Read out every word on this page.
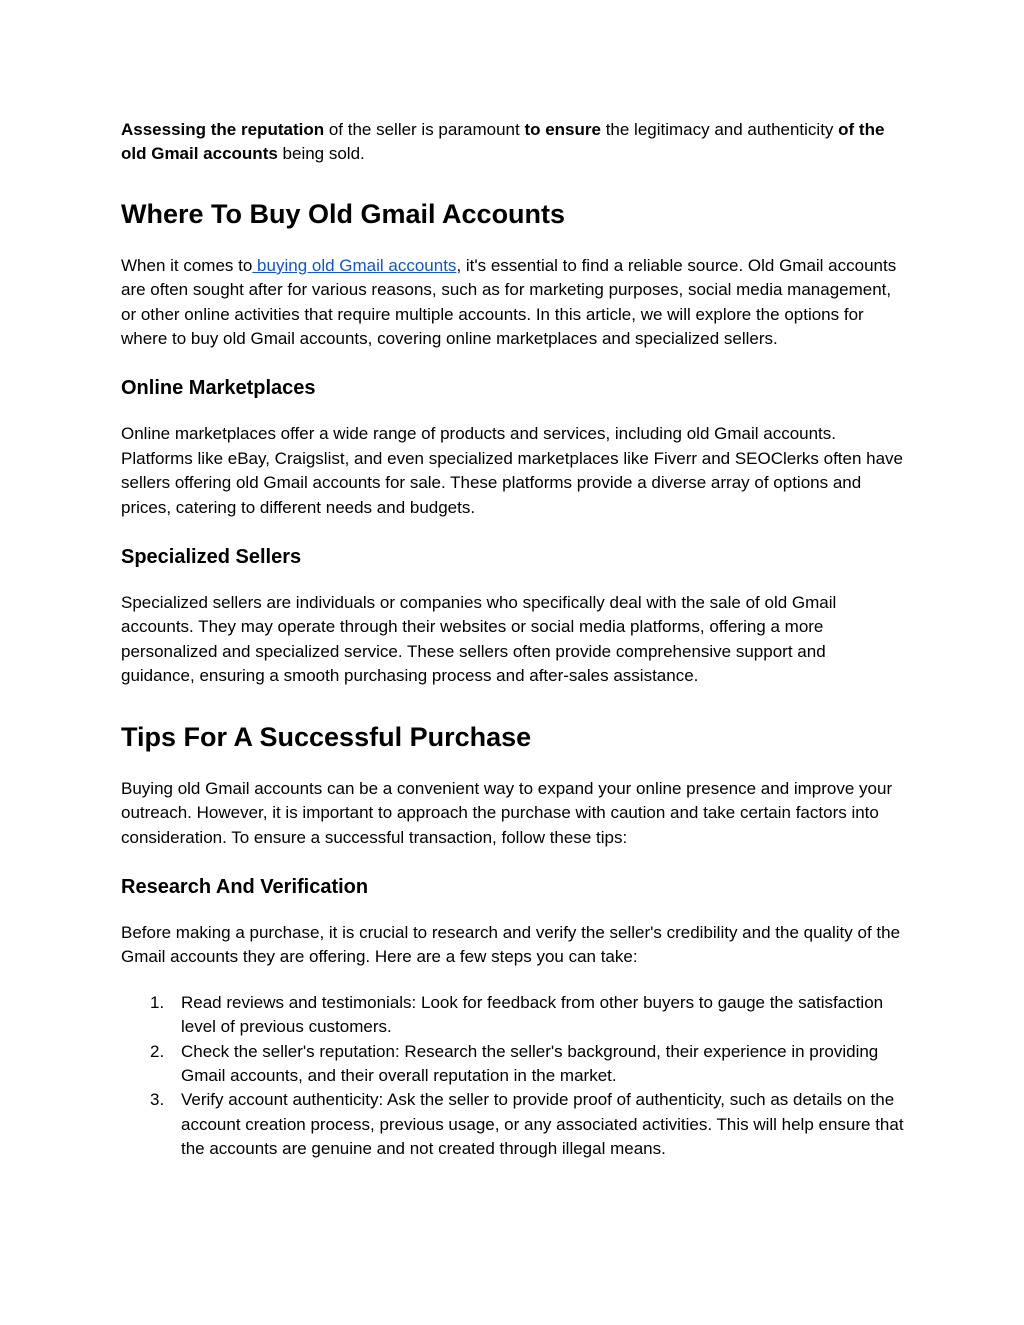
Assessing the reputation of the seller is paramount to ensure the legitimacy and authenticity of the old Gmail accounts being sold.

Where To Buy Old Gmail Accounts

When it comes to buying old Gmail accounts, it's essential to find a reliable source. Old Gmail accounts are often sought after for various reasons, such as for marketing purposes, social media management, or other online activities that require multiple accounts. In this article, we will explore the options for where to buy old Gmail accounts, covering online marketplaces and specialized sellers.

Online Marketplaces

Online marketplaces offer a wide range of products and services, including old Gmail accounts. Platforms like eBay, Craigslist, and even specialized marketplaces like Fiverr and SEOClerks often have sellers offering old Gmail accounts for sale. These platforms provide a diverse array of options and prices, catering to different needs and budgets.

Specialized Sellers

Specialized sellers are individuals or companies who specifically deal with the sale of old Gmail accounts. They may operate through their websites or social media platforms, offering a more personalized and specialized service. These sellers often provide comprehensive support and guidance, ensuring a smooth purchasing process and after-sales assistance.

Tips For A Successful Purchase

Buying old Gmail accounts can be a convenient way to expand your online presence and improve your outreach. However, it is important to approach the purchase with caution and take certain factors into consideration. To ensure a successful transaction, follow these tips:

Research And Verification

Before making a purchase, it is crucial to research and verify the seller's credibility and the quality of the Gmail accounts they are offering. Here are a few steps you can take:

1. Read reviews and testimonials: Look for feedback from other buyers to gauge the satisfaction level of previous customers.
2. Check the seller's reputation: Research the seller's background, their experience in providing Gmail accounts, and their overall reputation in the market.
3. Verify account authenticity: Ask the seller to provide proof of authenticity, such as details on the account creation process, previous usage, or any associated activities. This will help ensure that the accounts are genuine and not created through illegal means.
